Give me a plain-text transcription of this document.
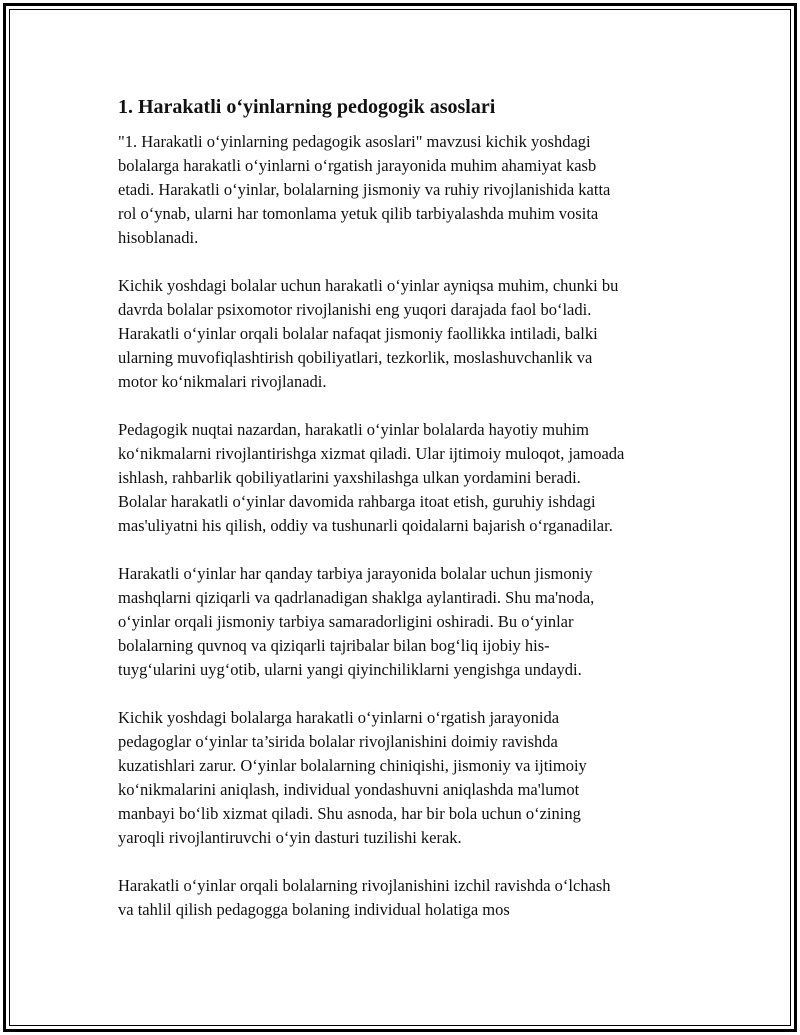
1. Harakatli o‘yinlarning pedogogik asoslari

"1. Harakatli o‘yinlarning pedagogik asoslari" mavzusi kichik yoshdagi
bolalarga harakatli o‘yinlarni o‘rgatish jarayonida muhim ahamiyat kasb
etadi. Harakatli o‘yinlar, bolalarning jismoniy va ruhiy rivojlanishida katta
rol o‘ynab, ularni har tomonlama yetuk qilib tarbiyalashda muhim vosita
hisoblanadi.

Kichik yoshdagi bolalar uchun harakatli o‘yinlar ayniqsa muhim, chunki bu
davrda bolalar psixomotor rivojlanishi eng yuqori darajada faol bo‘ladi.
Harakatli o‘yinlar orqali bolalar nafaqat jismoniy faollikka intiladi, balki
ularning muvofiqlashtirish qobiliyatlari, tezkorlik, moslashuvchanlik va
motor ko‘nikmalari rivojlanadi.

Pedagogik nuqtai nazardan, harakatli o‘yinlar bolalarda hayotiy muhim
ko‘nikmalarni rivojlantirishga xizmat qiladi. Ular ijtimoiy muloqot, jamoada
ishlash, rahbarlik qobiliyatlarini yaxshilashga ulkan yordamini beradi.
Bolalar harakatli o‘yinlar davomida rahbarga itoat etish, guruhiy ishdagi
mas'uliyatni his qilish, oddiy va tushunarli qoidalarni bajarish o‘rganadilar.

Harakatli o‘yinlar har qanday tarbiya jarayonida bolalar uchun jismoniy
mashqlarni qiziqarli va qadrlanadigan shaklga aylantiradi. Shu ma'noda,
o‘yinlar orqali jismoniy tarbiya samaradorligini oshiradi. Bu o‘yinlar
bolalarning quvnoq va qiziqarli tajribalar bilan bog‘liq ijobiy his-
tuyg‘ularini uyg‘otib, ularni yangi qiyinchiliklarni yengishga undaydi.

Kichik yoshdagi bolalarga harakatli o‘yinlarni o‘rgatish jarayonida
pedagoglar o‘yinlar ta’sirida bolalar rivojlanishini doimiy ravishda
kuzatishlari zarur. O‘yinlar bolalarning chiniqishi, jismoniy va ijtimoiy
ko‘nikmalarini aniqlash, individual yondashuvni aniqlashda ma'lumot
manbayi bo‘lib xizmat qiladi. Shu asnoda, har bir bola uchun o‘zining
yaroqli rivojlantiruvchi o‘yin dasturi tuzilishi kerak.

Harakatli o‘yinlar orqali bolalarning rivojlanishini izchil ravishda o‘lchash
va tahlil qilish pedagogga bolaning individual holatiga mos
